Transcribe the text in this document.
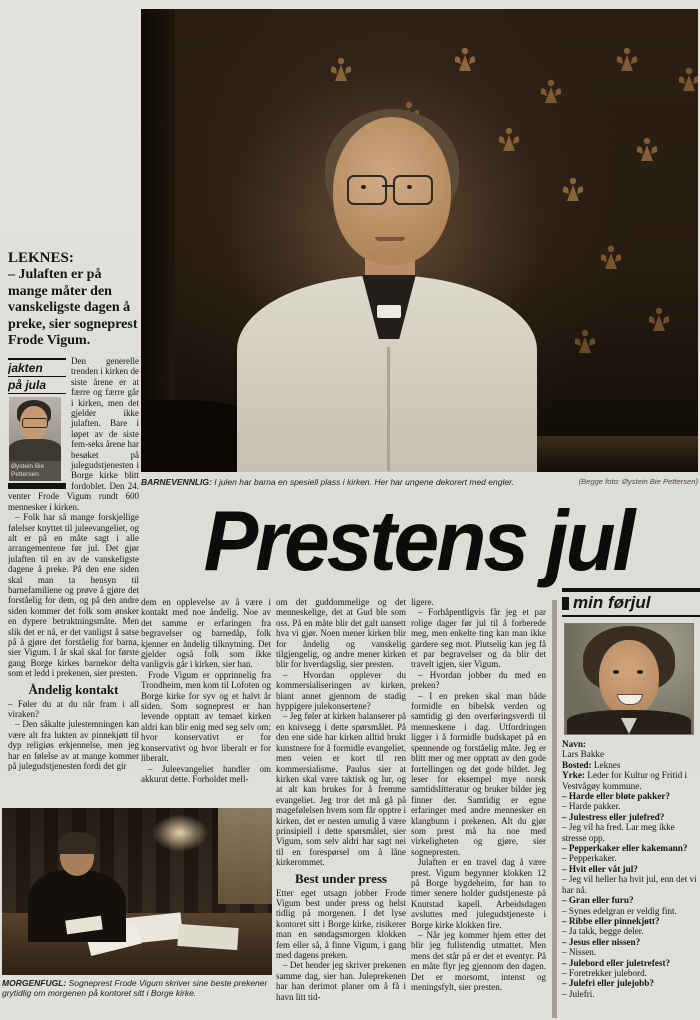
BARNEVENNLIG: I julen har barna en spesiell plass i kirken. Her har ungene dekorert med engler.	(Begge foto: Øystein Bie Pettersen)
Prestens jul

LEKNES:

– Julaften er på mange måter den vanskeligste dagen å preke, sier sogneprest Frode Vigum.

jakten

på jula

Øystein Bie Pettersen

Den generelle trenden i kirken de siste årene er at færre og færre går i kirken, men det gjelder ikke julaften. Bare i løpet av de siste fem-seks årene har besøket på julegudstjenesten i Borge kirke blitt fordoblet. Den 24. venter Frode Vigum rundt 600 mennesker i kirken.

– Folk har så mange forskjellige følelser knyttet til juleevangeliet, og alt er på en måte sagt i alle arrangementene før jul. Det gjør julaften til en av de vanskeligste dagene å preke. På den ene siden skal man ta hensyn til barnefamiliene og prøve å gjøre det forståelig for dem, og på den andre siden kommer det folk som ønsker en dypere betraktningsmåte. Men slik det er nå, er det vanligst å satse på å gjøre det forståelig for barna, sier Vigum. I år skal skal for første gang Borge kirkes barnekor delta som et ledd i prekenen, sier presten.

Åndelig kontakt

– Føler du at du når fram i all viraken?

– Den såkalte julestemningen kan være alt fra lukten av pinnekjøtt til dyp religiøs erkjennelse, men jeg har en følelse av at mange kommer på julegudstjenesten fordi det gir

dem en opplevelse av å være i kontakt med noe åndelig. Noe av det samme er erfaringen fra begravelser og barnedåp, folk kjenner en åndelig tilknytning. Det gjelder også folk som ikke vanligvis går i kirken, sier han.

Frode Vigum er opprinnelig fra Trondheim, men kom til Lofoten og Borge kirke for syv og et halvt år siden. Som sogneprest er han levende opptatt av temaet kirken aldri kan blir enig med seg selv om; hvor konservativt er for konservativt og hvor liberalt er for liberalt.

– Juleevangeliet handler om akkurat dette. Forholdet mell-

om det guddommelige og det menneskelige, det at Gud ble som oss. På en måte blir det galt uansett hva vi gjør. Noen mener kirken blir for åndelig og vanskelig tilgjengelig, og andre mener kirken blir for hverdagslig, sier presten.

– Hvordan opplever du kommersialiseringen av kirken, blant annet gjennom de stadig hyppigere julekonsertene?

– Jeg føler at kirken balanserer på en knivsegg i dette spørsmålet. På den ene side har kirken alltid brukt kunstnere for å formidle evangeliet, men veien er kort til ren kommersialisme. Paulus sier at kirken skal være taktisk og lur, og at alt kan brukes for å fremme evangeliet. Jeg tror det må gå på magefølelsen hvem som får opptre i kirken, det er nesten umulig å være prinsipiell i dette spørsmålet, sier Vigum, som selv aldri har sagt nei til en forespørsel om å låne kirkerommet.

Best under press

Etter eget utsagn jobber Frode Vigum best under press og helst tidlig på morgenen. I det lyse kontoret sitt i Borge kirke, risikerer man en søndagsmorgen klokken fem eller så, å finne Vigum, i gang med dagens preken.

– Det hender jeg skriver prekenen samme dag, sier han. Juleprekenen har han derimot planer om å få i havn litt tid-

ligere.

– Forhåpentligvis får jeg et par rolige dager før jul til å forberede meg, men enkelte ting kan man ikke gardere seg mot. Plutselig kan jeg få et par begravelser og da blir det travelt igjen, sier Vigum.

– Hvordan jobber du med en preken?

– I en preken skal man både formidle en bibelsk verden og samtidig gi den overføringsverdi til menneskene i dag. Utfordringen ligger i å formidle budskapet på en spennende og forståelig måte. Jeg er blitt mer og mer opptatt av den gode fortellingen og det gode bildet. Jeg leser for eksempel mye norsk samtidslitteratur og bruker bilder jeg finner der. Samtidig er egne erfaringer med andre mennesker en klangbunn i prekenen. Alt du gjør som prest må ha noe med virkeligheten og gjøre, sier sognepresten.

Julaften er en travel dag å være prest. Vigum begynner klokken 12 på Borge bygdeheim, før han to timer senere holder gudstjeneste på Knutstad kapell. Arbeidsdagen avsluttes med julegudstjeneste i Borge kirke klokken fire.

– Når jeg kommer hjem etter det blir jeg fullstendig utmattet. Men mens det står på er det et eventyr. På en måte flyr jeg gjennom den dagen. Det er morsomt, intenst og meningsfylt, sier presten.

MORGENFUGL: Sogneprest Frode Vigum skriver sine beste prekener grytidlig om morgenen på kontoret sitt i Borge kirke.
min førjul

Navn:

Lars Bakke

Bosted: Leknes

Yrke: Leder for Kultur og Fritid i Vestvågøy kommune.

– Harde eller bløte pakker?

– Harde pakker.

– Julestress eller julefred?

– Jeg vil ha fred. Lar meg ikke stresse opp.

– Pepperkaker eller kakemann?

– Pepperkaker.

– Hvit eller våt jul?

– Jeg vil heller ha hvit jul, enn det vi har nå.

– Gran eller furu?

– Synes edelgran er veldig fint.

– Ribbe eller pinnekjøtt?

– Ja takk, begge deler.

– Jesus eller nissen?

– Nissen.

– Julebord eller juletrefest?

– Foretrekker julebord.

– Julefri eller julejobb?

– Julefri.
